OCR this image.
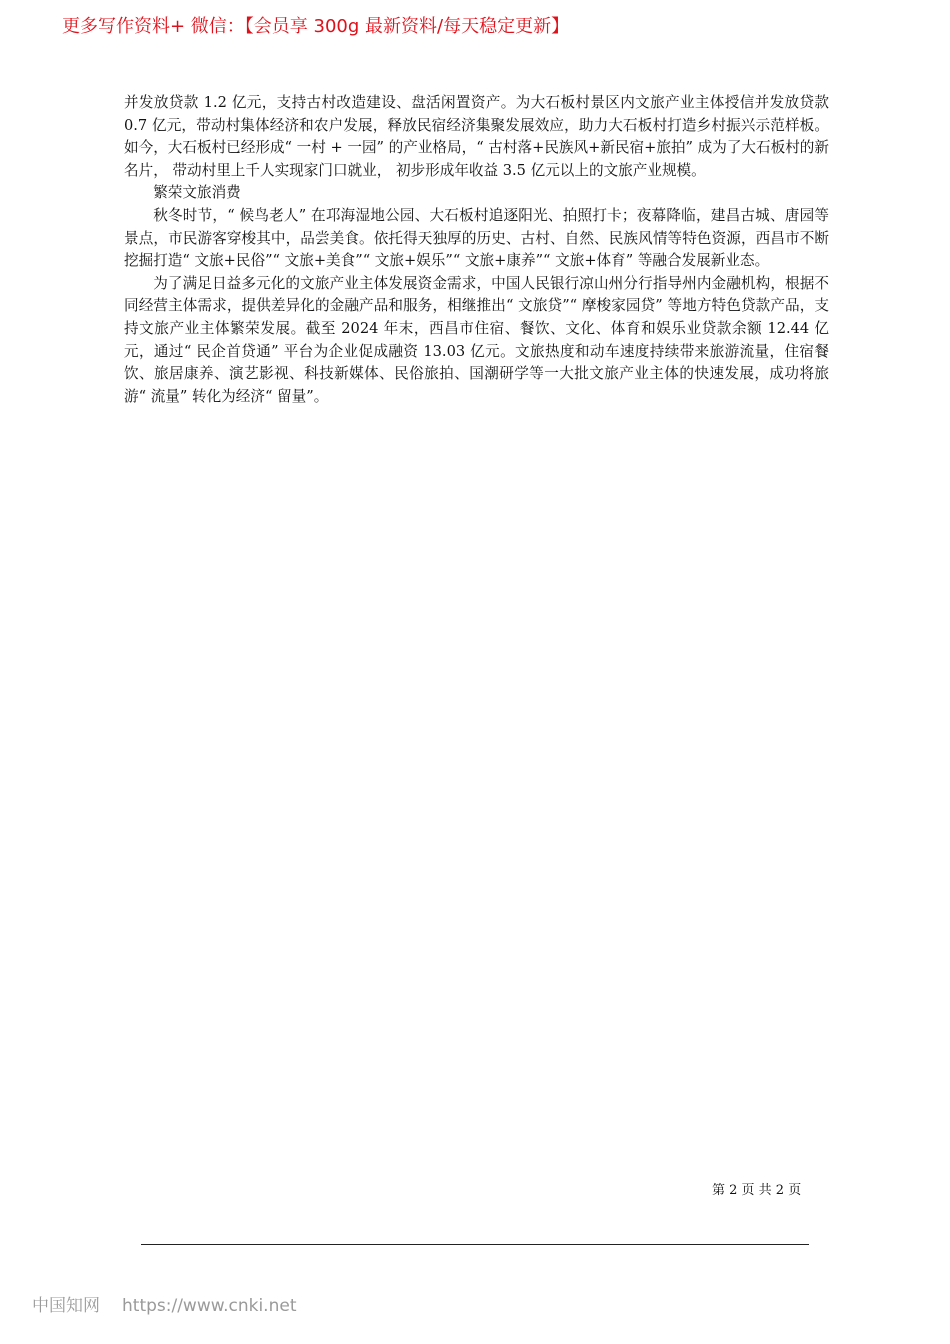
更多写作资料+ 微信：【会员享 300g 最新资料/每天稳定更新】

并发放贷款 1.2 亿元，支持古村改造建设、盘活闲置资产。为大石板村景区内文旅产业主体授信并发放贷款 0.7 亿元，带动村集体经济和农户发展，释放民宿经济集聚发展效应，助力大石板村打造乡村振兴示范样板。如今，大石板村已经形成“ 一村 + 一园” 的产业格局，“ 古村落+民族风+新民宿+旅拍” 成为了大石板村的新名片， 带动村里上千人实现家门口就业， 初步形成年收益 3.5 亿元以上的文旅产业规模。

繁荣文旅消费

秋冬时节，“ 候鸟老人” 在邛海湿地公园、大石板村追逐阳光、拍照打卡；夜幕降临，建昌古城、唐园等景点，市民游客穿梭其中，品尝美食。依托得天独厚的历史、古村、自然、民族风情等特色资源，西昌市不断挖掘打造“ 文旅+民俗”“ 文旅+美食”“ 文旅+娱乐”“ 文旅+康养”“ 文旅+体育” 等融合发展新业态。

为了满足日益多元化的文旅产业主体发展资金需求，中国人民银行凉山州分行指导州内金融机构，根据不同经营主体需求，提供差异化的金融产品和服务，相继推出“ 文旅贷”“ 摩梭家园贷” 等地方特色贷款产品，支持文旅产业主体繁荣发展。截至 2024 年末，西昌市住宿、餐饮、文化、体育和娱乐业贷款余额 12.44 亿元，通过“ 民企首贷通” 平台为企业促成融资 13.03 亿元。文旅热度和动车速度持续带来旅游流量，住宿餐饮、旅居康养、演艺影视、科技新媒体、民俗旅拍、国潮研学等一大批文旅产业主体的快速发展，成功将旅游“ 流量” 转化为经济“ 留量”。

第 2 页 共 2 页
中国知网 https://www.cnki.net
